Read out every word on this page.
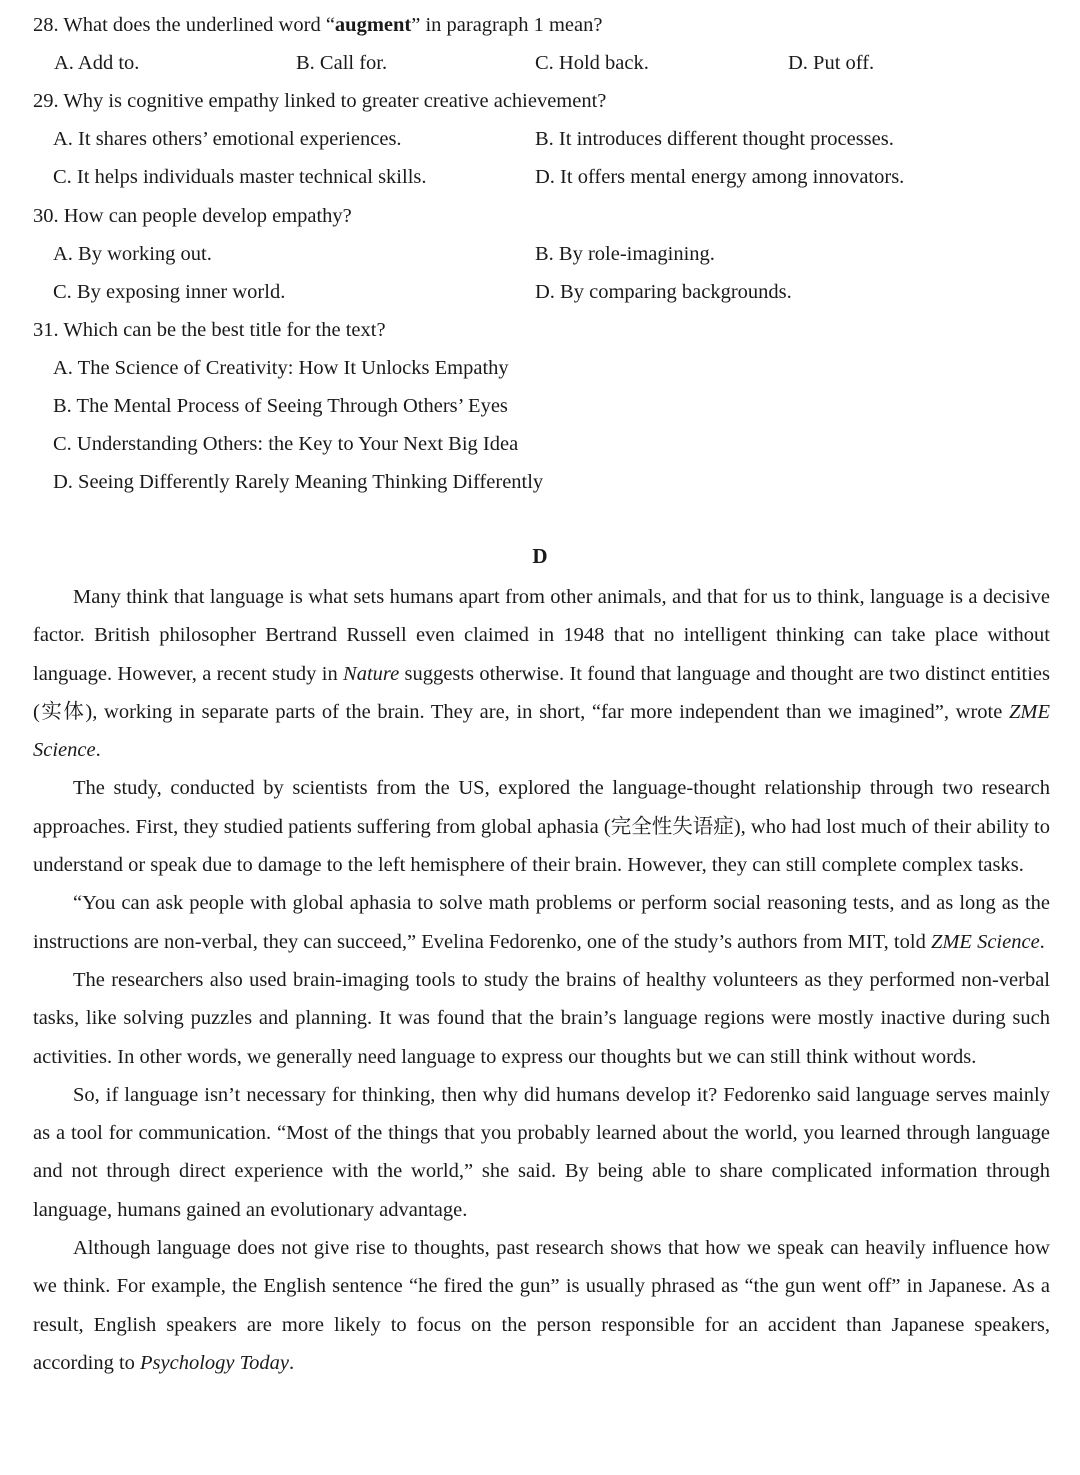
28. What does the underlined word “augment” in paragraph 1 mean?
A. Add to.	B. Call for.	C. Hold back.	D. Put off.
29. Why is cognitive empathy linked to greater creative achievement?
A. It shares others’ emotional experiences.	B. It introduces different thought processes.
C. It helps individuals master technical skills.	D. It offers mental energy among innovators.
30. How can people develop empathy?
A. By working out.	B. By role-imagining.
C. By exposing inner world.	D. By comparing backgrounds.
31. Which can be the best title for the text?
A. The Science of Creativity: How It Unlocks Empathy
B. The Mental Process of Seeing Through Others’ Eyes
C. Understanding Others: the Key to Your Next Big Idea
D. Seeing Differently Rarely Meaning Thinking Differently
D

Many think that language is what sets humans apart from other animals, and that for us to think, language is a decisive factor. British philosopher Bertrand Russell even claimed in 1948 that no intelligent thinking can take place without language. However, a recent study in Nature suggests otherwise. It found that language and thought are two distinct entities (实体), working in separate parts of the brain. They are, in short, “far more independent than we imagined”, wrote ZME Science.

The study, conducted by scientists from the US, explored the language-thought relationship through two research approaches. First, they studied patients suffering from global aphasia (完全性失语症), who had lost much of their ability to understand or speak due to damage to the left hemisphere of their brain. However, they can still complete complex tasks.

“You can ask people with global aphasia to solve math problems or perform social reasoning tests, and as long as the instructions are non-verbal, they can succeed,” Evelina Fedorenko, one of the study’s authors from MIT, told ZME Science.

The researchers also used brain-imaging tools to study the brains of healthy volunteers as they performed non-verbal tasks, like solving puzzles and planning. It was found that the brain’s language regions were mostly inactive during such activities. In other words, we generally need language to express our thoughts but we can still think without words.

So, if language isn’t necessary for thinking, then why did humans develop it? Fedorenko said language serves mainly as a tool for communication. “Most of the things that you probably learned about the world, you learned through language and not through direct experience with the world,” she said. By being able to share complicated information through language, humans gained an evolutionary advantage.

Although language does not give rise to thoughts, past research shows that how we speak can heavily influence how we think. For example, the English sentence “he fired the gun” is usually phrased as “the gun went off” in Japanese. As a result, English speakers are more likely to focus on the person responsible for an accident than Japanese speakers, according to Psychology Today.
